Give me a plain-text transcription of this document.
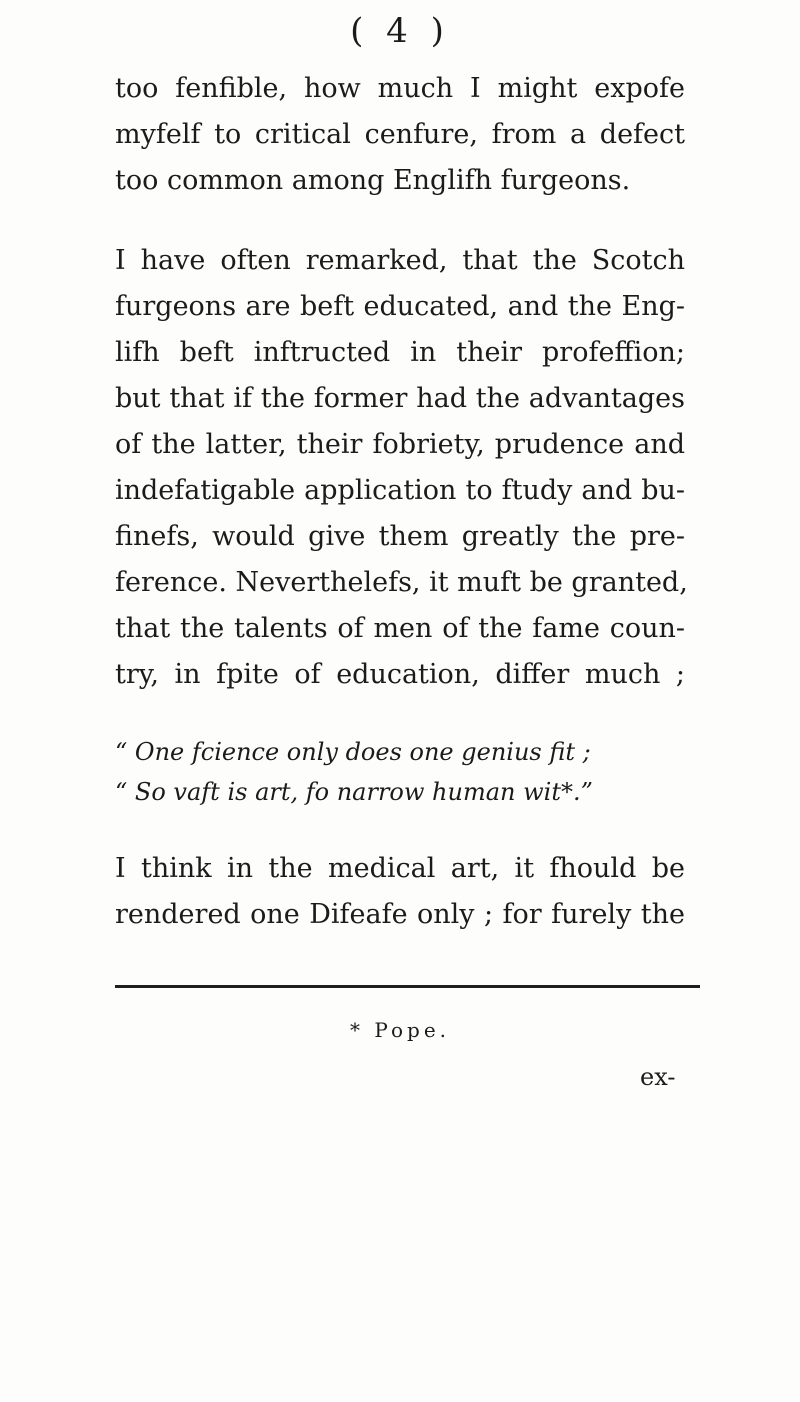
( 4 )
too fenfible, how much I might expofe
myfelf to critical cenfure, from a defect
too common among Englifh furgeons.
I have often remarked, that the Scotch
furgeons are beft educated, and the Eng-
lifh beft inftructed in their profeffion;
but that if the former had the advantages
of the latter, their fobriety, prudence and
indefatigable application to ftudy and bu-
finefs, would give them greatly the pre-
ference. Neverthelefs, it muft be granted,
that the talents of men of the fame coun-
try, in fpite of education, differ much ;
“ One fcience only does one genius fit ;
“ So vaft is art, fo narrow human wit*.”
I think in the medical art, it fhould be
rendered one Difeafe only ; for furely the
* Pope.
ex-
